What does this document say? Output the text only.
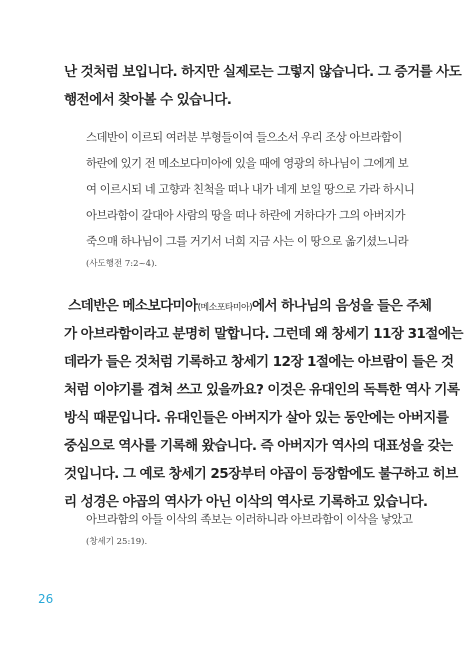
난 것처럼 보입니다. 하지만 실제로는 그렇지 않습니다. 그 증거를 사도
행전에서 찾아볼 수 있습니다.
스데반이 이르되 여러분 부형들이여 들으소서 우리 조상 아브라함이
하란에 있기 전 메소보다미아에 있을 때에 영광의 하나님이 그에게 보
여 이르시되 네 고향과 친척을 떠나 내가 네게 보일 땅으로 가라 하시니
아브라함이 갈대아 사람의 땅을 떠나 하란에 거하다가 그의 아버지가
죽으매 하나님이 그를 거기서 너희 지금 사는 이 땅으로 옮기셨느니라
(사도행전 7:2~4).
스데반은 메소보다미아(메소포타미아)에서 하나님의 음성을 들은 주체
가 아브라함이라고 분명히 말합니다. 그런데 왜 창세기 11장 31절에는
데라가 들은 것처럼 기록하고 창세기 12장 1절에는 아브람이 들은 것
처럼 이야기를 겹쳐 쓰고 있을까요? 이것은 유대인의 독특한 역사 기록
방식 때문입니다. 유대인들은 아버지가 살아 있는 동안에는 아버지를
중심으로 역사를 기록해 왔습니다. 즉 아버지가 역사의 대표성을 갖는
것입니다. 그 예로 창세기 25장부터 야곱이 등장함에도 불구하고 히브
리 성경은 야곱의 역사가 아닌 이삭의 역사로 기록하고 있습니다.
아브라함의 아들 이삭의 족보는 이러하니라 아브라함이 이삭을 낳았고
(창세기 25:19).
26
